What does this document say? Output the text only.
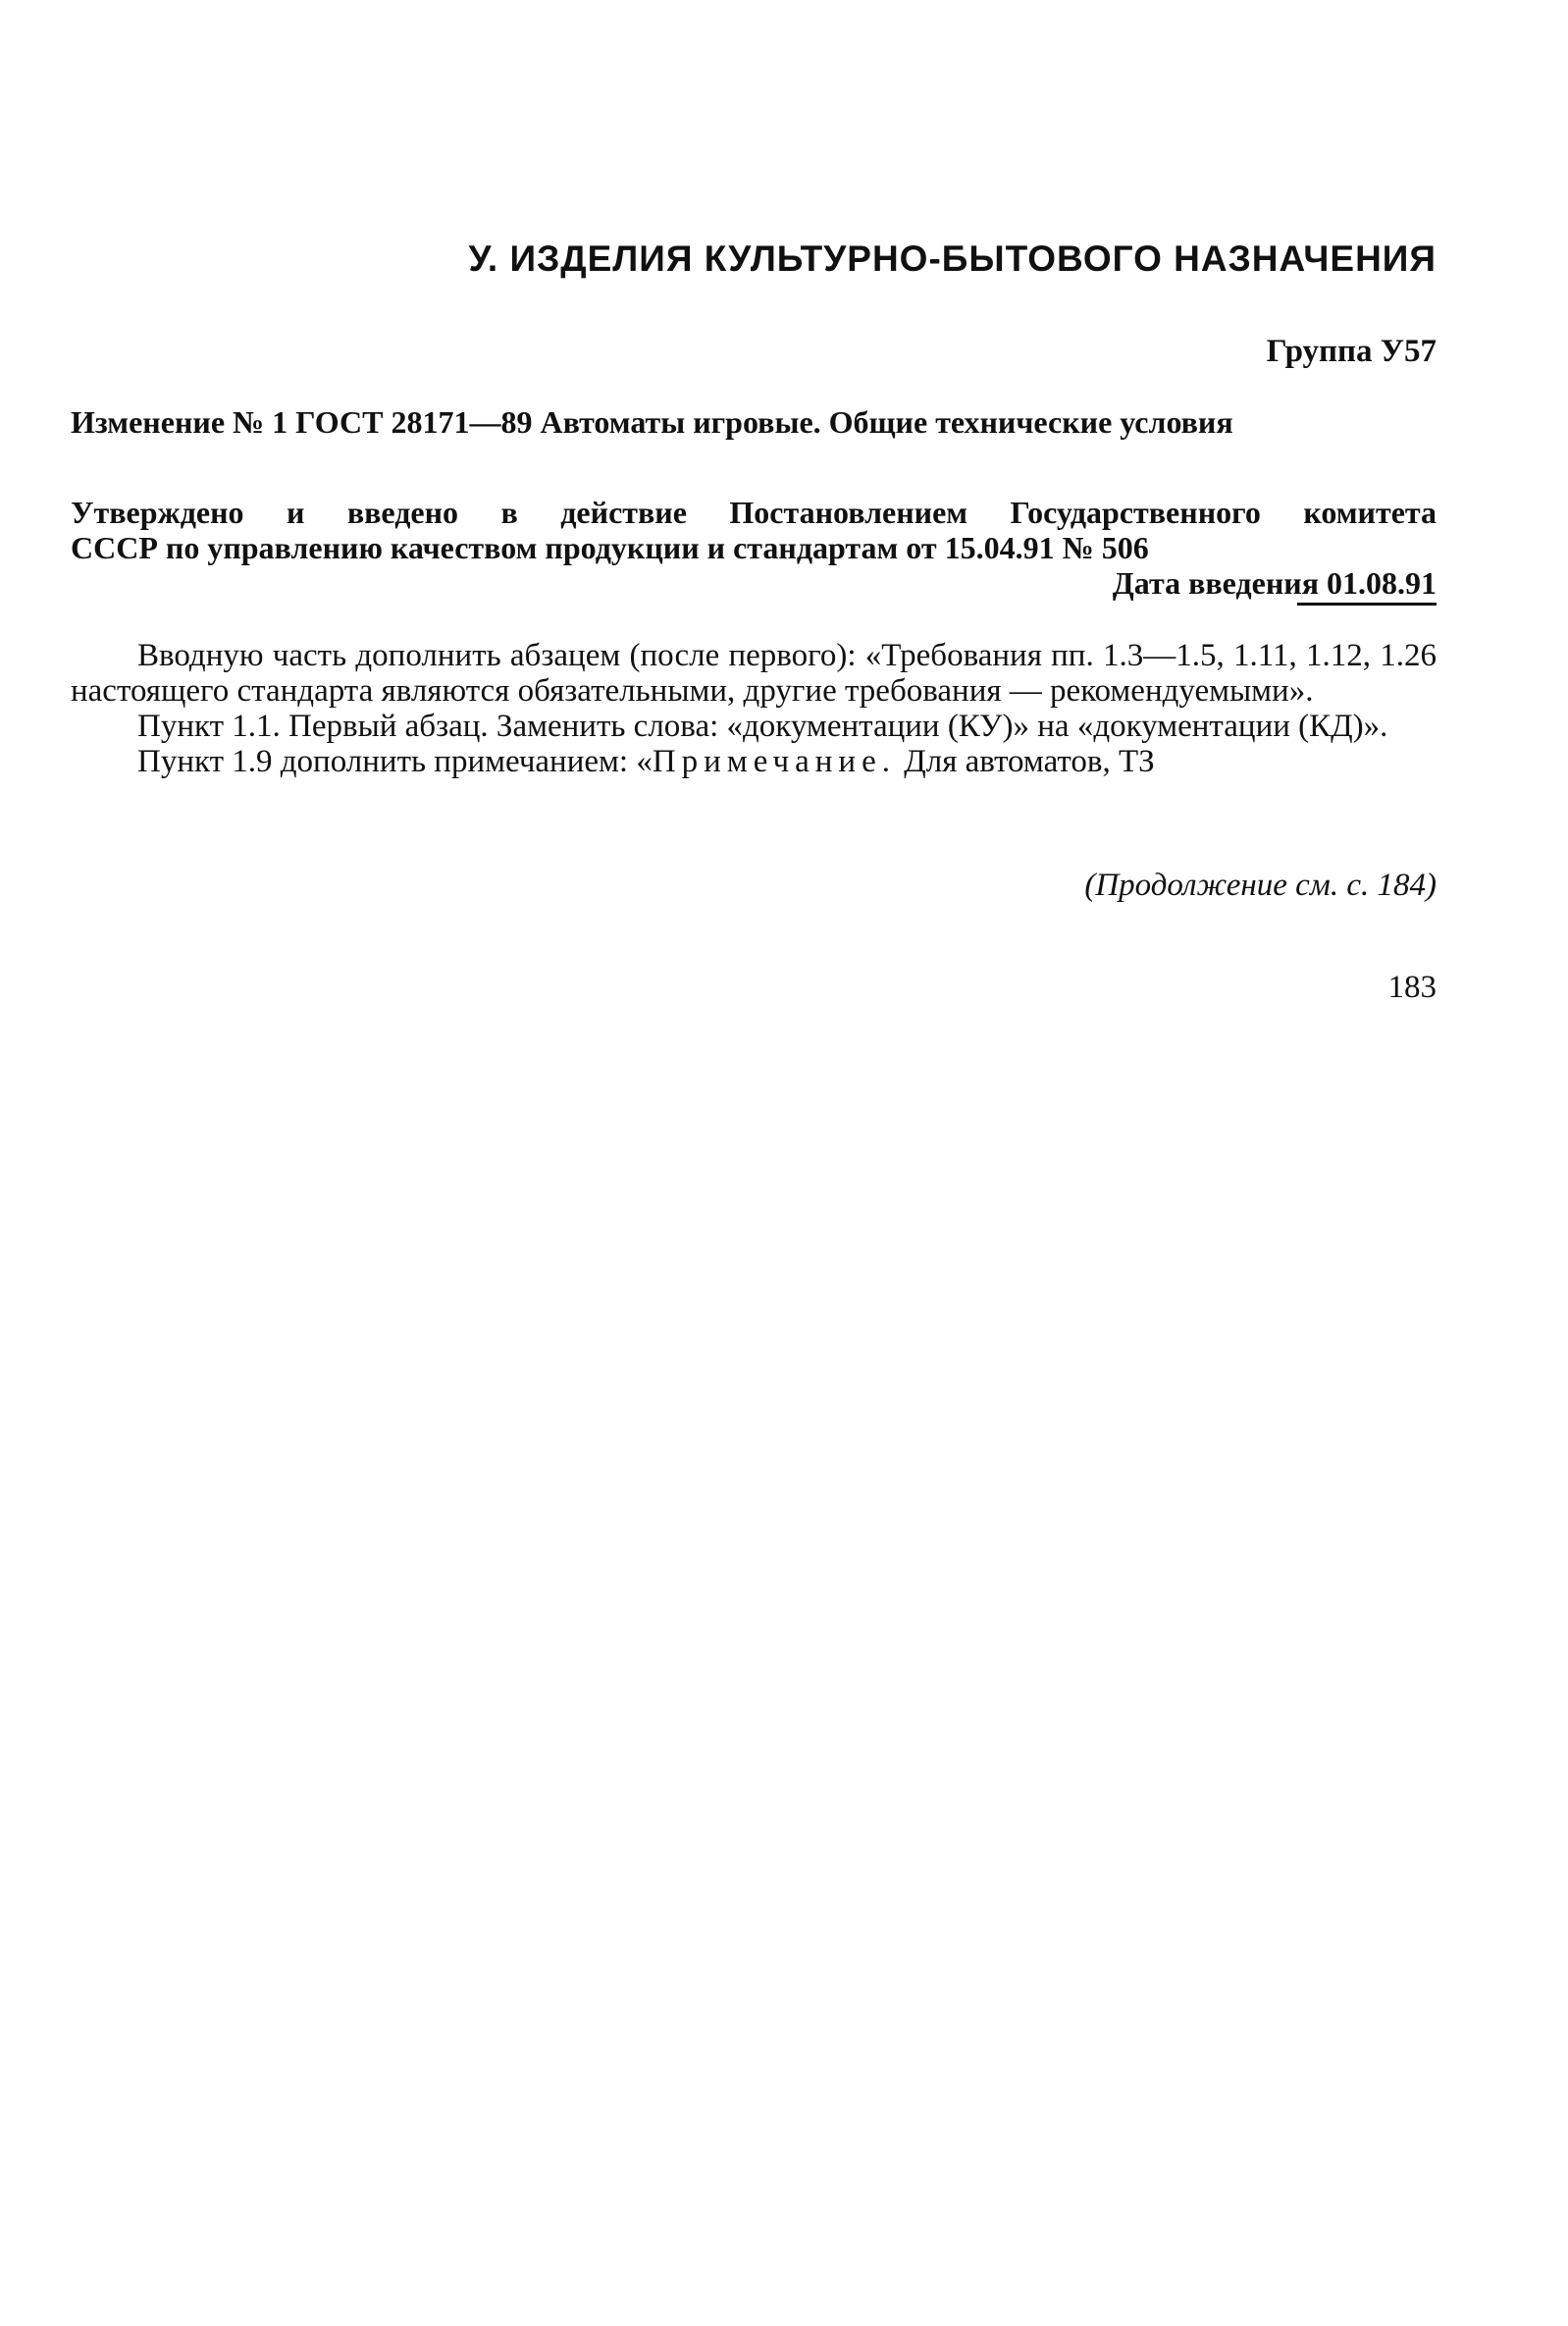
У. ИЗДЕЛИЯ КУЛЬТУРНО-БЫТОВОГО НАЗНАЧЕНИЯ
Группа У57
Изменение № 1 ГОСТ 28171—89 Автоматы игровые. Общие технические условия
Утверждено и введено в действие Постановлением Государственного комитета
СССР по управлению качеством продукции и стандартам от 15.04.91 № 506
Дата введения 01.08.91

Вводную часть дополнить абзацем (после первого): «Требования пп. 1.3—1.5, 1.11, 1.12, 1.26 настоящего стандарта являются обязательными, другие требования — рекомендуемыми».

Пункт 1.1. Первый абзац. Заменить слова: «документации (КУ)» на «документации (КД)».

Пункт 1.9 дополнить примечанием: «Примечание. Для автоматов, ТЗ

(Продолжение см. с. 184)
183
